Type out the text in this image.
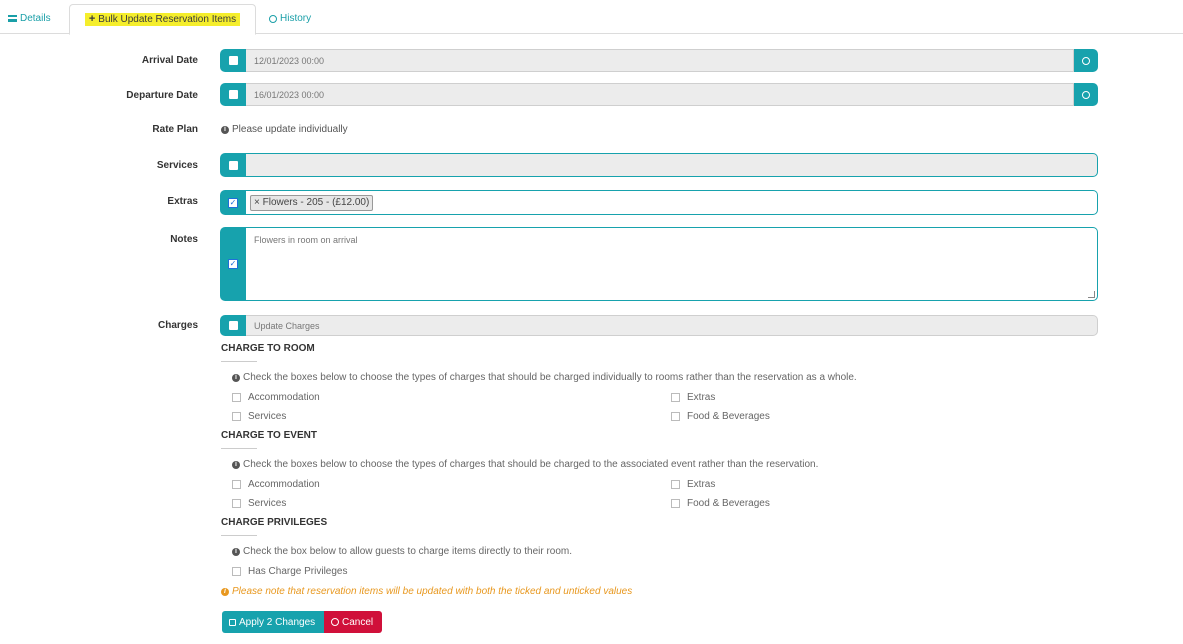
Details	+ Bulk Update Reservation Items	History
Arrival Date	12/01/2023 00:00
Departure Date	16/01/2023 00:00
Rate Plan	i Please update individually
Services
Extras	✓	× Flowers - 205 - (£12.00)
Notes
✓
Flowers in room on arrival
Charges	Update Charges
CHARGE TO ROOM
i Check the boxes below to choose the types of charges that should be charged individually to rooms rather than the reservation as a whole.
Accommodation	Extras
Services	Food & Beverages
CHARGE TO EVENT
i Check the boxes below to choose the types of charges that should be charged to the associated event rather than the reservation.
Accommodation	Extras
Services	Food & Beverages
CHARGE PRIVILEGES
i Check the box below to allow guests to charge items directly to their room.
Has Charge Privileges
i Please note that reservation items will be updated with both the ticked and unticked values
Apply 2 Changes	Cancel
